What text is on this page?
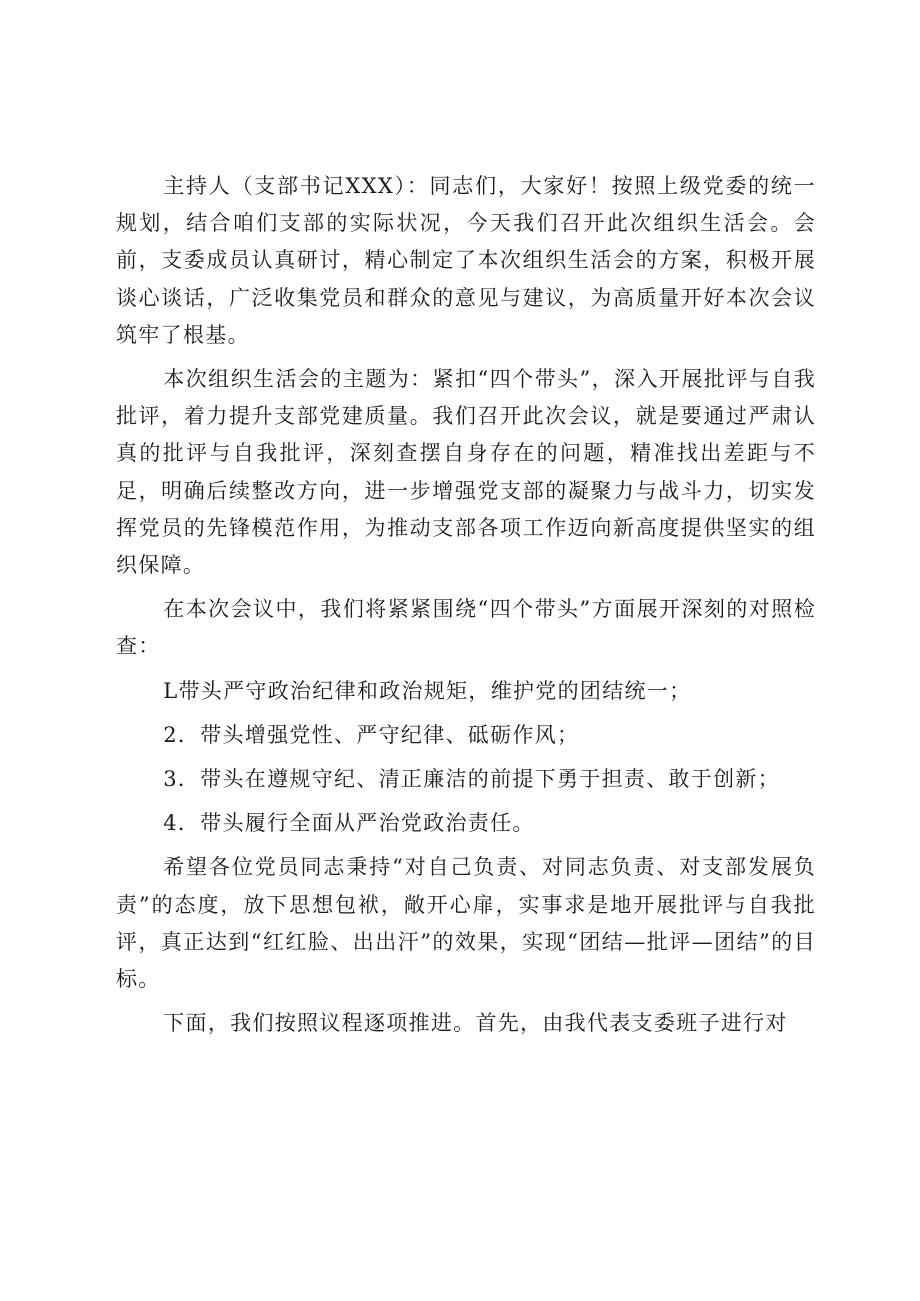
主持人（支部书记XXX）：同志们，大家好！按照上级党委的统一规划，结合咱们支部的实际状况，今天我们召开此次组织生活会。会前，支委成员认真研讨，精心制定了本次组织生活会的方案，积极开展谈心谈话，广泛收集党员和群众的意见与建议，为高质量开好本次会议筑牢了根基。

本次组织生活会的主题为：紧扣“四个带头”，深入开展批评与自我批评，着力提升支部党建质量。我们召开此次会议，就是要通过严肃认真的批评与自我批评，深刻查摆自身存在的问题，精准找出差距与不足，明确后续整改方向，进一步增强党支部的凝聚力与战斗力，切实发挥党员的先锋模范作用，为推动支部各项工作迈向新高度提供坚实的组织保障。

在本次会议中，我们将紧紧围绕“四个带头”方面展开深刻的对照检查：

L带头严守政治纪律和政治规矩，维护党的团结统一；

2．带头增强党性、严守纪律、砥砺作风；

3．带头在遵规守纪、清正廉洁的前提下勇于担责、敢于创新；

4．带头履行全面从严治党政治责任。

希望各位党员同志秉持“对自己负责、对同志负责、对支部发展负责”的态度，放下思想包袱，敞开心扉，实事求是地开展批评与自我批评，真正达到“红红脸、出出汗”的效果，实现“团结—批评—团结”的目标。

下面，我们按照议程逐项推进。首先，由我代表支委班子进行对
